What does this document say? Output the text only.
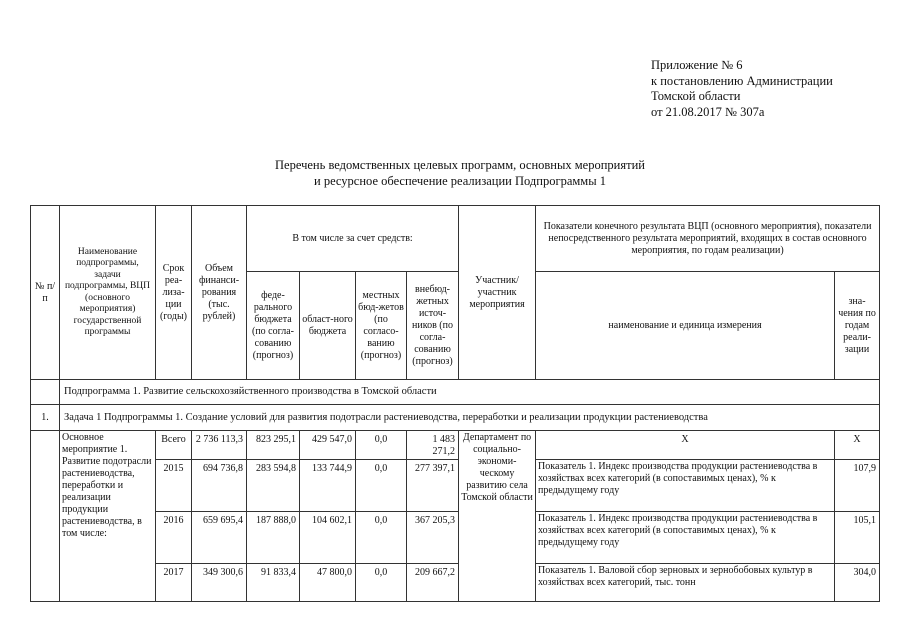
Приложение № 6
к постановлению Администрации
Томской области
от 21.08.2017 № 307а
Перечень ведомственных целевых программ, основных мероприятий
и ресурсное обеспечение реализации Подпрограммы 1
№ п/п	Наименование подпрограммы, задачи подпрограммы, ВЦП (основного мероприятия) государственной программы	Срок реа-лиза-ции (годы)	Объем финанси-рования (тыс. рублей)	В том числе за счет средств:				Участник/ участник мероприятия	Показатели конечного результата ВЦП (основного мероприятия), показатели непосредственного результата мероприятий, входящих в состав основного мероприятия, по годам реализации)	
				феде-рального бюджета (по согла-сованию (прогноз)	област-ного бюджета	местных бюд-жетов (по согласо-ванию (прогноз)	внебюд-жетных источ-ников (по согла-сованию (прогноз)		наименование и единица измерения	зна-чения по годам реали-зации
	Подпрограмма 1. Развитие сельскохозяйственного производства в Томской области									
1.	Задача 1 Подпрограммы 1. Создание условий для развития подотрасли растениеводства, переработки и реализации продукции растениеводства									
	Основное мероприятие 1. Развитие подотрасли растениеводства, переработки и реализации продукции растениеводства, в том числе:	Всего	2 736 113,3	823 295,1	429 547,0	0,0	1 483 271,2	Департамент по социально-экономи-ческому развитию села Томской области	X	X
		2015	694 736,8	283 594,8	133 744,9	0,0	277 397,1		Показатель 1. Индекс производства продукции растениеводства в хозяйствах всех категорий (в сопоставимых ценах), % к предыдущему году	107,9
		2016	659 695,4	187 888,0	104 602,1	0,0	367 205,3		Показатель 1. Индекс производства продукции растениеводства в хозяйствах всех категорий (в сопоставимых ценах), % к предыдущему году	105,1
		2017	349 300,6	91 833,4	47 800,0	0,0	209 667,2		Показатель 1. Валовой сбор зерновых и зернобобовых культур в хозяйствах всех категорий, тыс. тонн	304,0
